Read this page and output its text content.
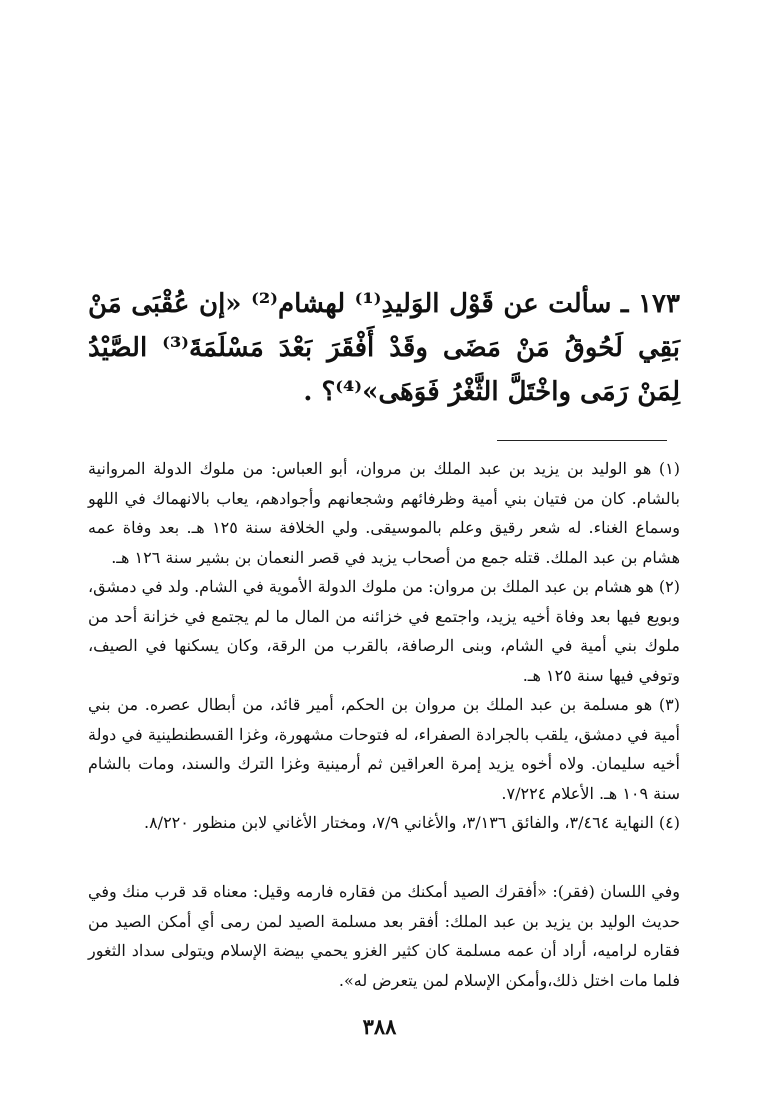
١٧٣ ـ سألت عن قَوْل الوَليدِ⁽¹⁾ لهشام⁽²⁾ «إن عُقْبَى مَنْ بَقِي لَحُوقُ مَنْ مَضَى وقَدْ أَفْقَرَ بَعْدَ مَسْلَمَةَ⁽³⁾ الصَّيْدُ لِمَنْ رَمَى واخْتَلَّ الثَّغْرُ فَوَهَى»⁽⁴⁾؟ .

(١) هو الوليد بن يزيد بن عبد الملك بن مروان، أبو العباس: من ملوك الدولة المروانية بالشام. كان من فتيان بني أمية وظرفائهم وشجعانهم وأجوادهم، يعاب بالانهماك في اللهو وسماع الغناء. له شعر رقيق وعلم بالموسيقى. ولي الخلافة سنة ١٢٥ هـ. بعد وفاة عمه هشام بن عبد الملك. قتله جمع من أصحاب يزيد في قصر النعمان بن بشير سنة ١٢٦ هـ.

(٢) هو هشام بن عبد الملك بن مروان: من ملوك الدولة الأموية في الشام. ولد في دمشق، وبويع فيها بعد وفاة أخيه يزيد، واجتمع في خزائنه من المال ما لم يجتمع في خزانة أحد من ملوك بني أمية في الشام، وبنى الرصافة، بالقرب من الرقة، وكان يسكنها في الصيف، وتوفي فيها سنة ١٢٥ هـ.

(٣) هو مسلمة بن عبد الملك بن مروان بن الحكم، أمير قائد، من أبطال عصره. من بني أمية في دمشق، يلقب بالجرادة الصفراء، له فتوحات مشهورة، وغزا القسطنطينية في دولة أخيه سليمان. ولاه أخوه يزيد إمرة العراقين ثم أرمينية وغزا الترك والسند، ومات بالشام سنة ١٠٩ هـ. الأعلام ٧/٢٢٤.

(٤) النهاية ٣/٤٦٤، والفائق ٣/١٣٦، والأغاني ٧/٩، ومختار الأغاني لابن منظور ٨/٢٢٠.

وفي اللسان (فقر): «أفقرك الصيد أمكنك من فقاره فارمه وقيل: معناه قد قرب منك وفي حديث الوليد بن يزيد بن عبد الملك: أفقر بعد مسلمة الصيد لمن رمى أي أمكن الصيد من فقاره لراميه، أراد أن عمه مسلمة كان كثير الغزو يحمي بيضة الإسلام ويتولى سداد الثغور فلما مات اختل ذلك،وأمكن الإسلام لمن يتعرض له».

٣٨٨
